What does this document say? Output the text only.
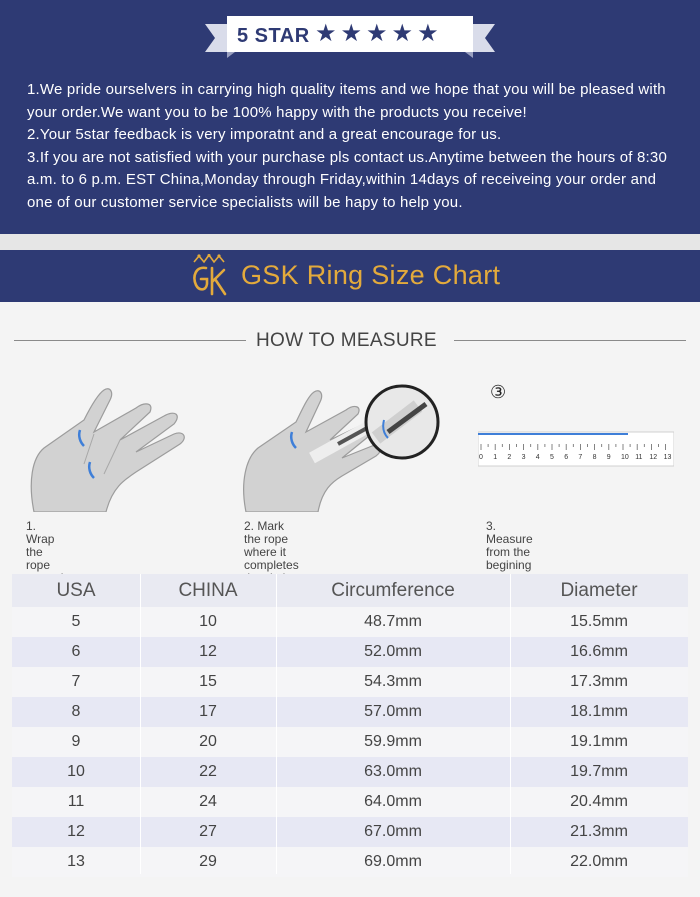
5 STAR ★ ★ ★ ★ ★

1.We pride ourselvers in carrying high quality items and we hope that you will be pleased with your order.We want you to be 100% happy with the products you receive!

2.Your 5star feedback is very imporatnt and a great encourage for us.

3.If you are not satisfied with your purchase pls contact us.Anytime between the hours of 8:30 a.m. to 6 p.m. EST China,Monday through Friday,within 14days of receiveing your order and one of our customer service specialists will be hapy to help you.

GSK Ring Size Chart
HOW TO MEASURE
1. Wrap the rope
2. Mark the rope where it completes
③
0 1 2 3 4 5 6 7 8 9 10 11 12 13
3. Measure from the begining
USA	CHINA	Circumference	Diameter
5	10	48.7mm	15.5mm
6	12	52.0mm	16.6mm
7	15	54.3mm	17.3mm
8	17	57.0mm	18.1mm
9	20	59.9mm	19.1mm
10	22	63.0mm	19.7mm
11	24	64.0mm	20.4mm
12	27	67.0mm	21.3mm
13	29	69.0mm	22.0mm
